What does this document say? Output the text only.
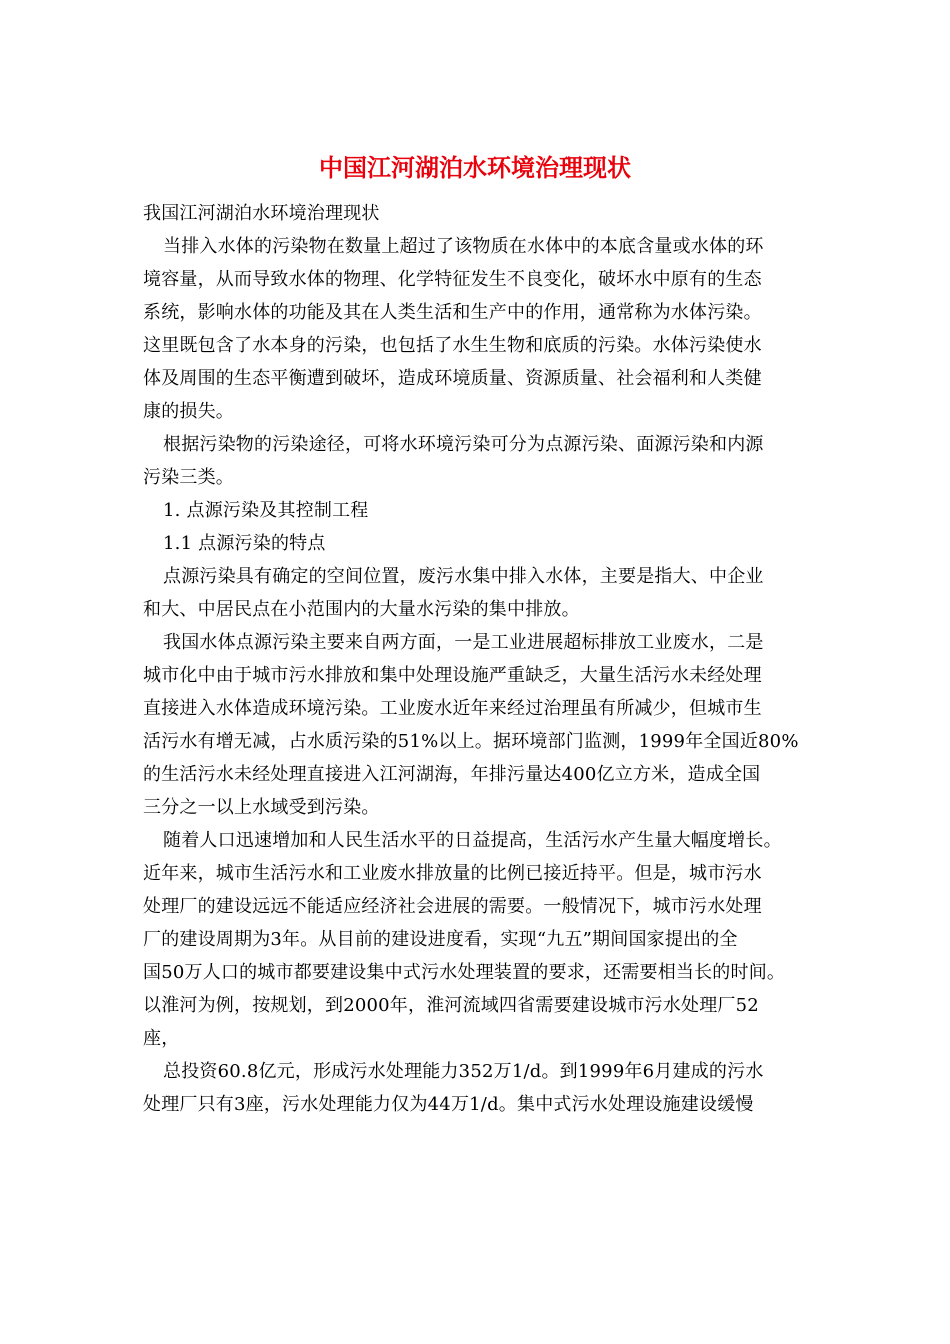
中国江河湖泊水环境治理现状
我国江河湖泊水环境治理现状
当排入水体的污染物在数量上超过了该物质在水体中的本底含量或水体的环
境容量，从而导致水体的物理、化学特征发生不良变化，破坏水中原有的生态
系统，影响水体的功能及其在人类生活和生产中的作用，通常称为水体污染。
这里既包含了水本身的污染，也包括了水生生物和底质的污染。水体污染使水
体及周围的生态平衡遭到破坏，造成环境质量、资源质量、社会福利和人类健
康的损失。
根据污染物的污染途径，可将水环境污染可分为点源污染、面源污染和内源
污染三类。
1. 点源污染及其控制工程
1.1 点源污染的特点
点源污染具有确定的空间位置，废污水集中排入水体，主要是指大、中企业
和大、中居民点在小范围内的大量水污染的集中排放。
我国水体点源污染主要来自两方面，一是工业进展超标排放工业废水，二是
城市化中由于城市污水排放和集中处理设施严重缺乏，大量生活污水未经处理
直接进入水体造成环境污染。工业废水近年来经过治理虽有所减少，但城市生
活污水有增无减，占水质污染的51%以上。据环境部门监测，1999年全国近80%
的生活污水未经处理直接进入江河湖海，年排污量达400亿立方米，造成全国
三分之一以上水域受到污染。
随着人口迅速增加和人民生活水平的日益提高，生活污水产生量大幅度增长。
近年来，城市生活污水和工业废水排放量的比例已接近持平。但是，城市污水
处理厂的建设远远不能适应经济社会进展的需要。一般情况下，城市污水处理
厂的建设周期为3年。从目前的建设进度看，实现“九五”期间国家提出的全
国50万人口的城市都要建设集中式污水处理装置的要求，还需要相当长的时间。
以淮河为例，按规划，到2000年，淮河流域四省需要建设城市污水处理厂52
座，
总投资60.8亿元，形成污水处理能力352万1/d。到1999年6月建成的污水
处理厂只有3座，污水处理能力仅为44万1/d。集中式污水处理设施建设缓慢
